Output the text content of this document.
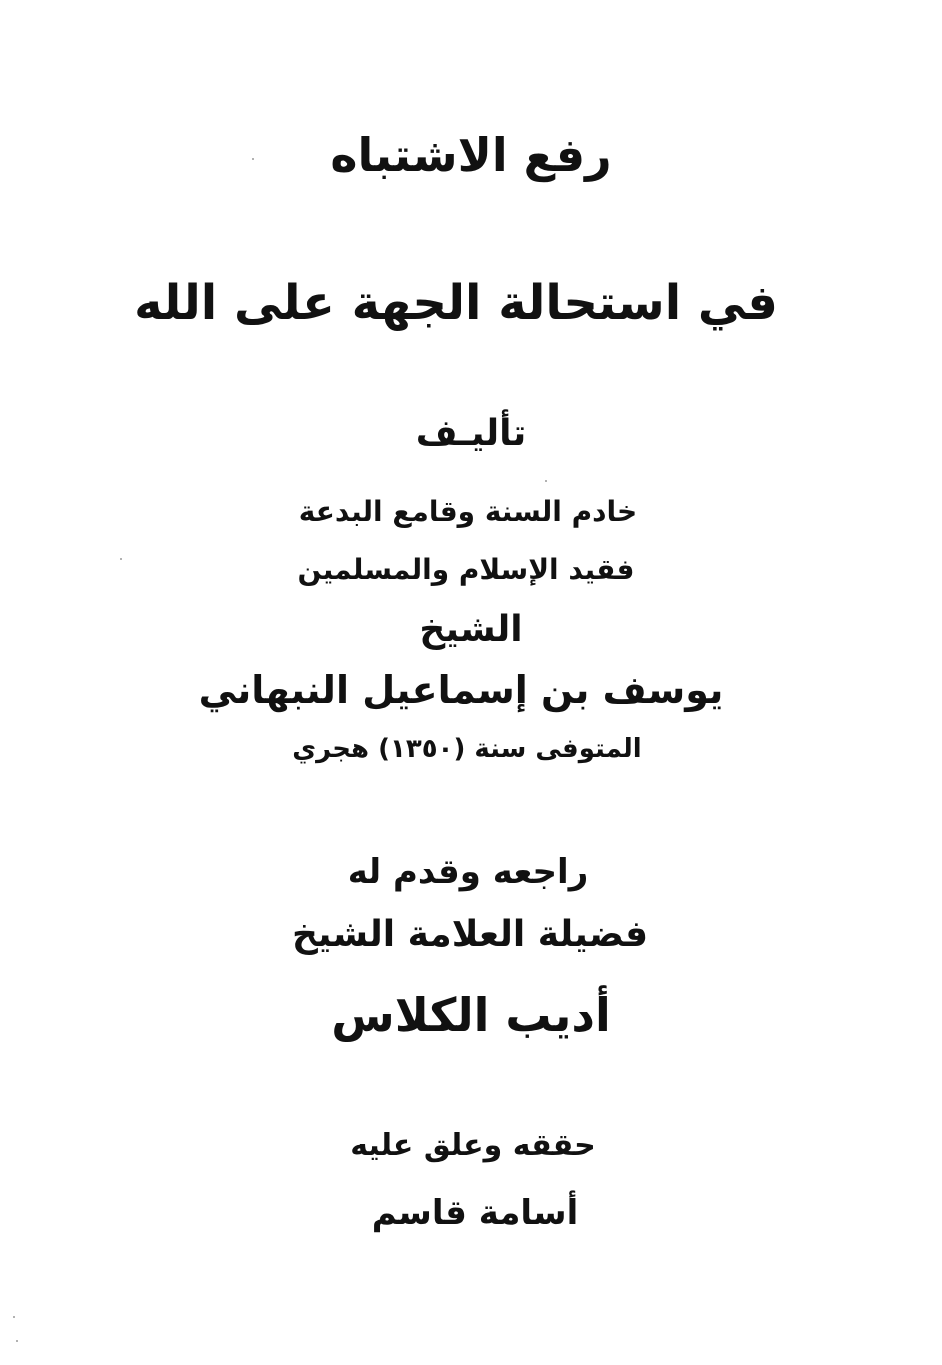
رفع الاشتباه
في استحالة الجهة على الله
تأليـف
خادم السنة وقامع البدعة
فقيد الإسلام والمسلمين
الشيخ
يوسف بن إسماعيل النبهاني
المتوفى سنة (١٣٥٠) هجري
راجعه وقدم له
فضيلة العلامة الشيخ
أديب الكلاس
حققه وعلق عليه
أسامة قاسم
